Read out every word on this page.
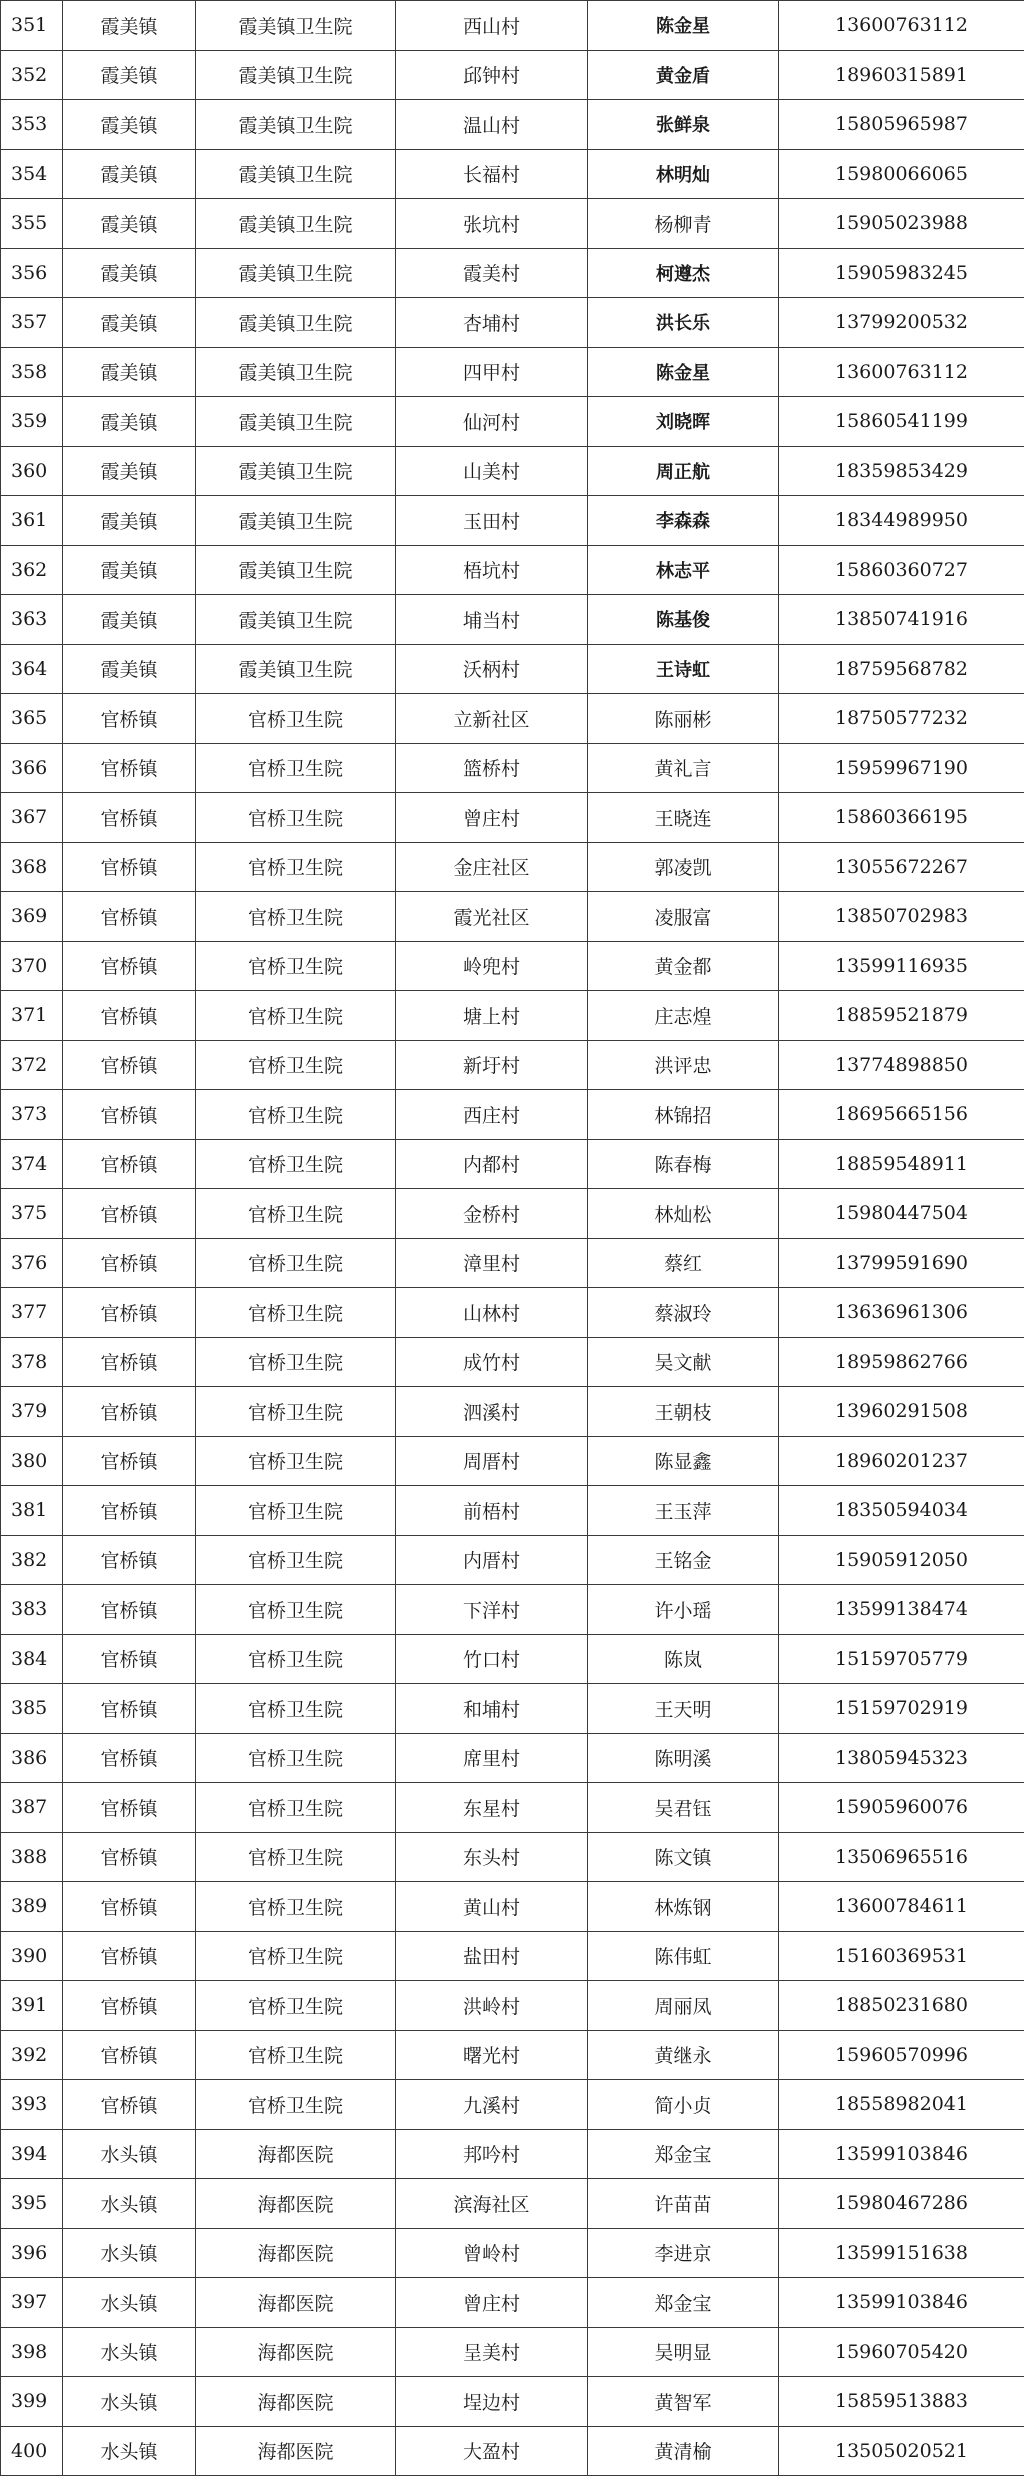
351	霞美镇	霞美镇卫生院	西山村	陈金星	13600763112
352	霞美镇	霞美镇卫生院	邱钟村	黄金盾	18960315891
353	霞美镇	霞美镇卫生院	温山村	张鲜泉	15805965987
354	霞美镇	霞美镇卫生院	长福村	林明灿	15980066065
355	霞美镇	霞美镇卫生院	张坑村	杨柳青	15905023988
356	霞美镇	霞美镇卫生院	霞美村	柯遵杰	15905983245
357	霞美镇	霞美镇卫生院	杏埔村	洪长乐	13799200532
358	霞美镇	霞美镇卫生院	四甲村	陈金星	13600763112
359	霞美镇	霞美镇卫生院	仙河村	刘晓晖	15860541199
360	霞美镇	霞美镇卫生院	山美村	周正航	18359853429
361	霞美镇	霞美镇卫生院	玉田村	李森森	18344989950
362	霞美镇	霞美镇卫生院	梧坑村	林志平	15860360727
363	霞美镇	霞美镇卫生院	埔当村	陈基俊	13850741916
364	霞美镇	霞美镇卫生院	沃柄村	王诗虹	18759568782
365	官桥镇	官桥卫生院	立新社区	陈丽彬	18750577232
366	官桥镇	官桥卫生院	篮桥村	黄礼言	15959967190
367	官桥镇	官桥卫生院	曾庄村	王晓连	15860366195
368	官桥镇	官桥卫生院	金庄社区	郭凌凯	13055672267
369	官桥镇	官桥卫生院	霞光社区	凌服富	13850702983
370	官桥镇	官桥卫生院	岭兜村	黄金都	13599116935
371	官桥镇	官桥卫生院	塘上村	庄志煌	18859521879
372	官桥镇	官桥卫生院	新圩村	洪评忠	13774898850
373	官桥镇	官桥卫生院	西庄村	林锦招	18695665156
374	官桥镇	官桥卫生院	内都村	陈春梅	18859548911
375	官桥镇	官桥卫生院	金桥村	林灿松	15980447504
376	官桥镇	官桥卫生院	漳里村	蔡红	13799591690
377	官桥镇	官桥卫生院	山林村	蔡淑玲	13636961306
378	官桥镇	官桥卫生院	成竹村	吴文献	18959862766
379	官桥镇	官桥卫生院	泗溪村	王朝枝	13960291508
380	官桥镇	官桥卫生院	周厝村	陈显鑫	18960201237
381	官桥镇	官桥卫生院	前梧村	王玉萍	18350594034
382	官桥镇	官桥卫生院	内厝村	王铭金	15905912050
383	官桥镇	官桥卫生院	下洋村	许小瑶	13599138474
384	官桥镇	官桥卫生院	竹口村	陈岚	15159705779
385	官桥镇	官桥卫生院	和埔村	王天明	15159702919
386	官桥镇	官桥卫生院	席里村	陈明溪	13805945323
387	官桥镇	官桥卫生院	东星村	吴君钰	15905960076
388	官桥镇	官桥卫生院	东头村	陈文镇	13506965516
389	官桥镇	官桥卫生院	黄山村	林炼钢	13600784611
390	官桥镇	官桥卫生院	盐田村	陈伟虹	15160369531
391	官桥镇	官桥卫生院	洪岭村	周丽凤	18850231680
392	官桥镇	官桥卫生院	曙光村	黄继永	15960570996
393	官桥镇	官桥卫生院	九溪村	简小贞	18558982041
394	水头镇	海都医院	邦吟村	郑金宝	13599103846
395	水头镇	海都医院	滨海社区	许苗苗	15980467286
396	水头镇	海都医院	曾岭村	李进京	13599151638
397	水头镇	海都医院	曾庄村	郑金宝	13599103846
398	水头镇	海都医院	呈美村	吴明显	15960705420
399	水头镇	海都医院	埕边村	黄智军	15859513883
400	水头镇	海都医院	大盈村	黄清榆	13505020521
